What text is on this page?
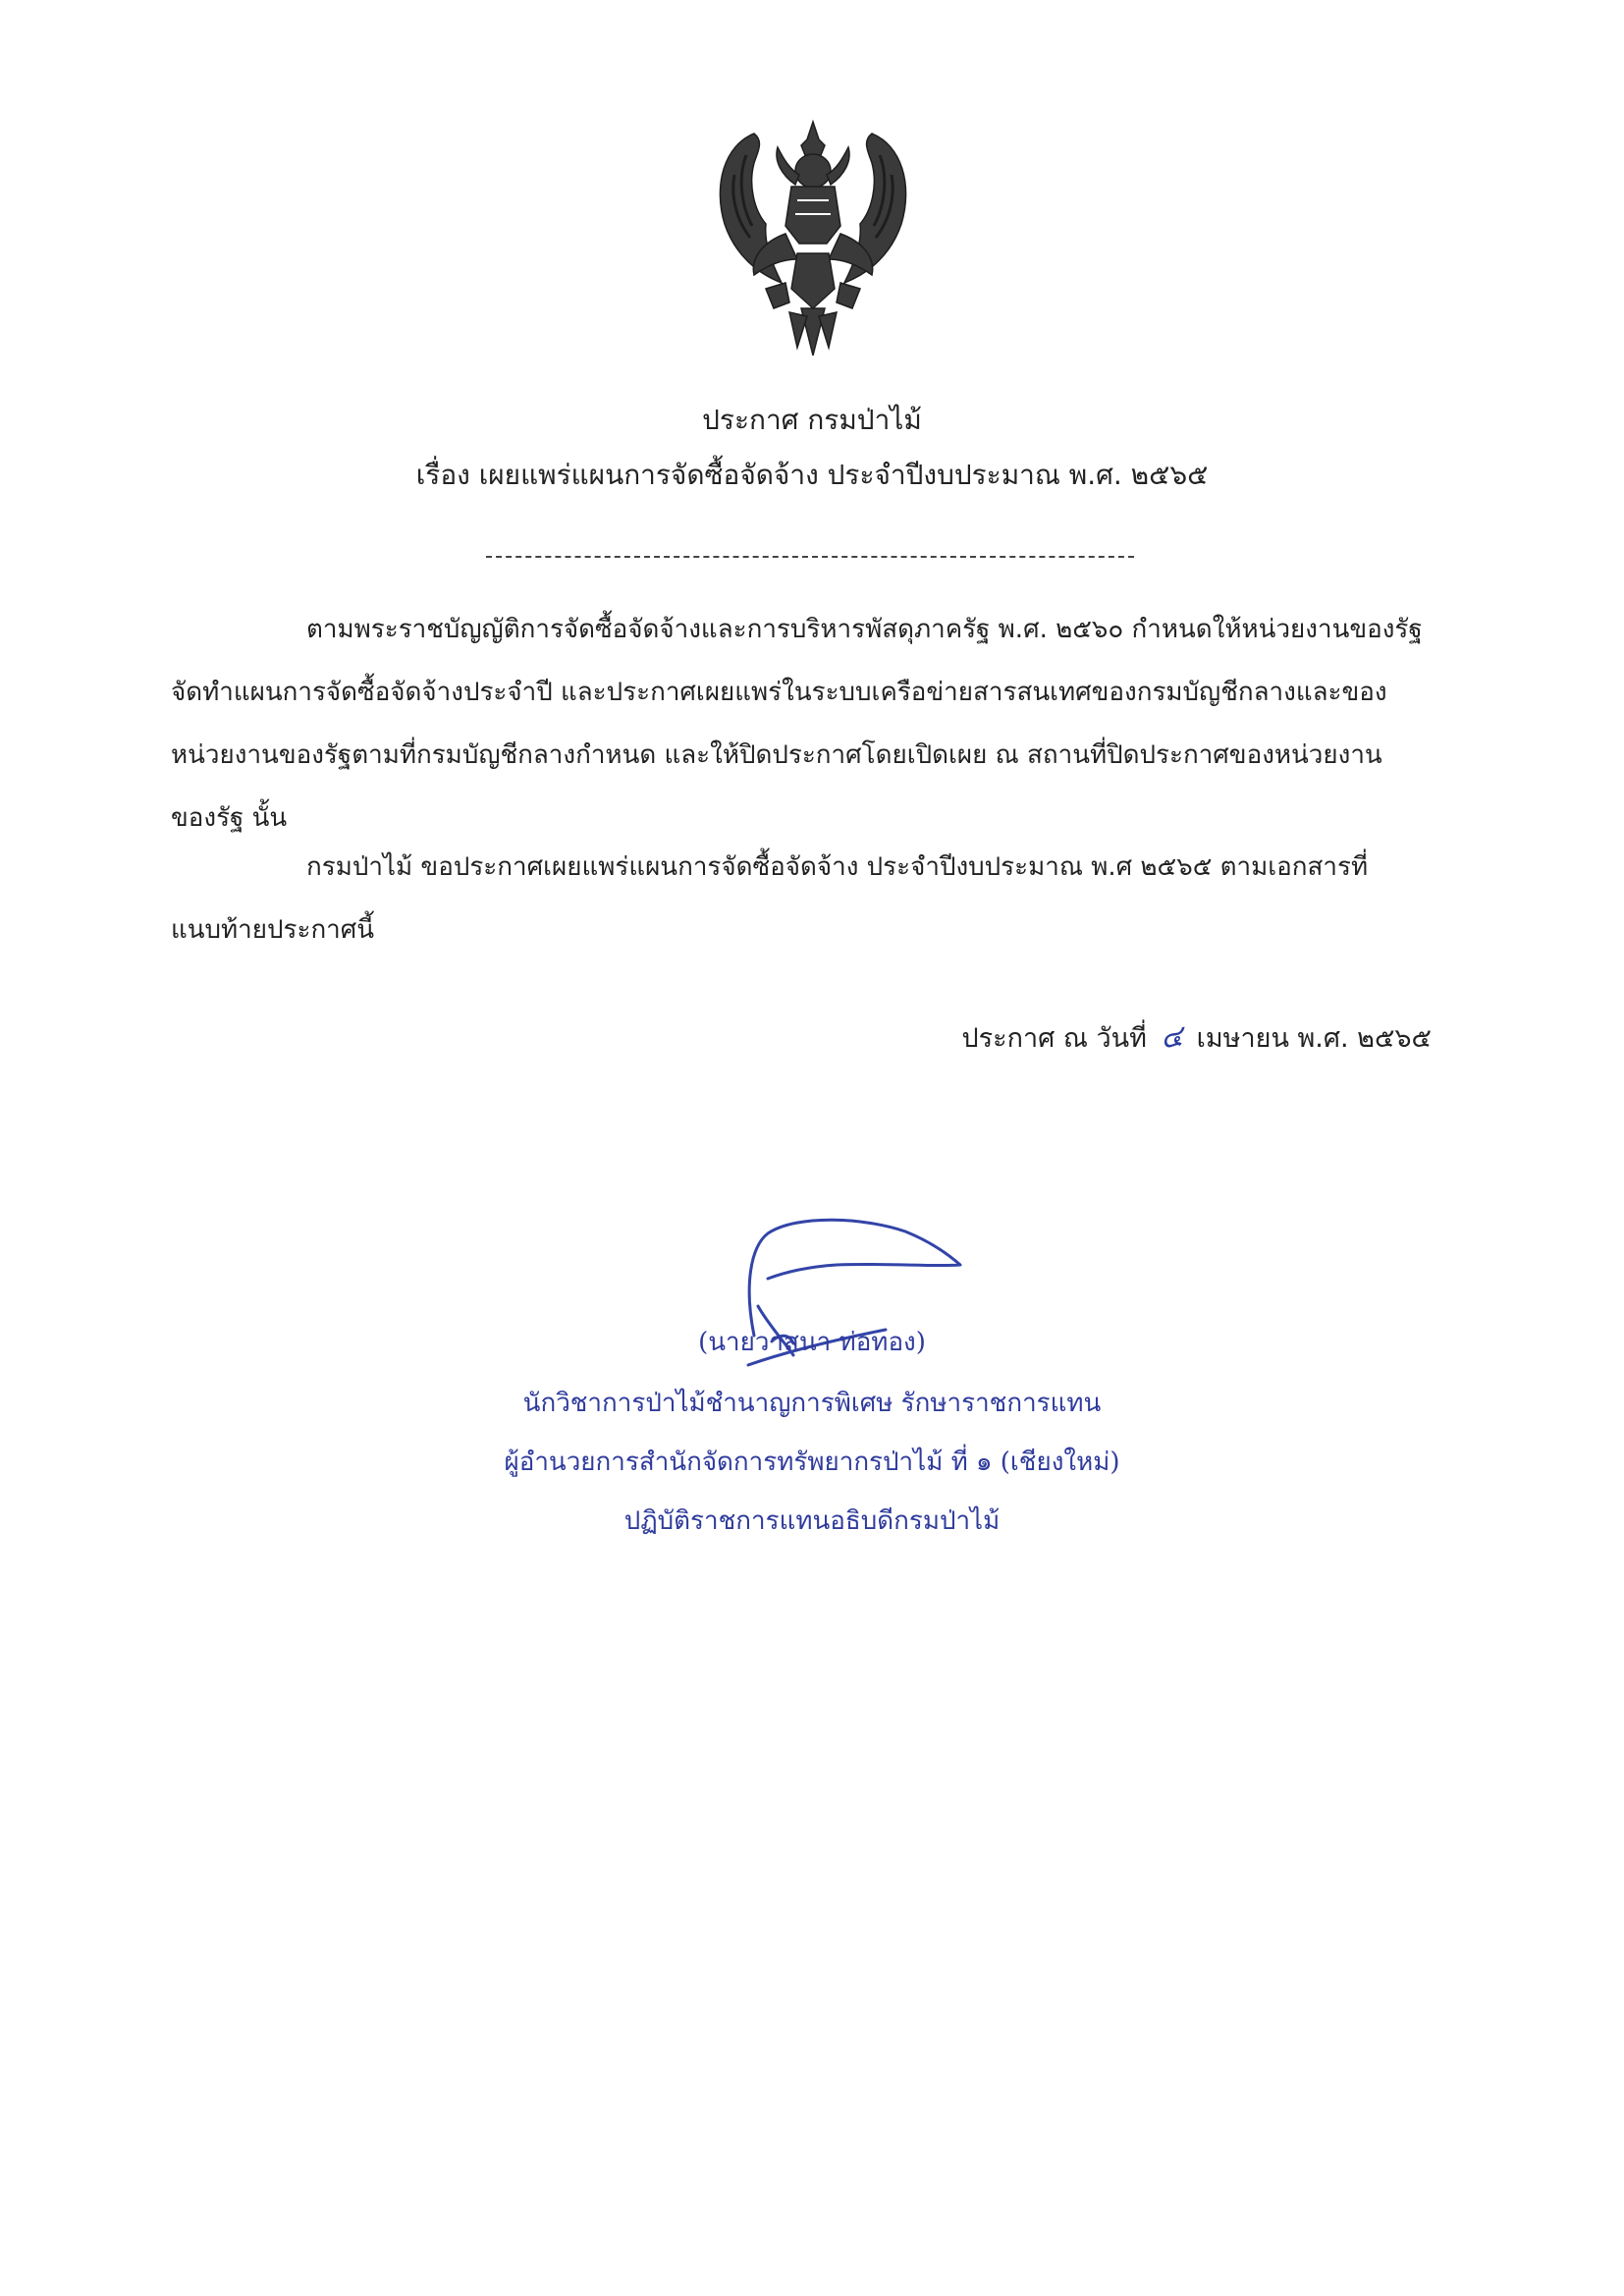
ประกาศ กรมป่าไม้
เรื่อง เผยแพร่แผนการจัดซื้อจัดจ้าง ประจำปีงบประมาณ พ.ศ. ๒๕๖๕
ตามพระราชบัญญัติการจัดซื้อจัดจ้างและการบริหารพัสดุภาครัฐ พ.ศ. ๒๕๖๐ กำหนดให้หน่วยงานของรัฐ
จัดทำแผนการจัดซื้อจัดจ้างประจำปี และประกาศเผยแพร่ในระบบเครือข่ายสารสนเทศของกรมบัญชีกลางและของ
หน่วยงานของรัฐตามที่กรมบัญชีกลางกำหนด และให้ปิดประกาศโดยเปิดเผย ณ สถานที่ปิดประกาศของหน่วยงาน
ของรัฐ นั้น
กรมป่าไม้ ขอประกาศเผยแพร่แผนการจัดซื้อจัดจ้าง ประจำปีงบประมาณ พ.ศ ๒๕๖๕ ตามเอกสารที่
แนบท้ายประกาศนี้
ประกาศ ณ วันที่ ๔ เมษายน พ.ศ. ๒๕๖๕
(นายวาสนา ท่อทอง)
นักวิชาการป่าไม้ชำนาญการพิเศษ รักษาราชการแทน
ผู้อำนวยการสำนักจัดการทรัพยากรป่าไม้ ที่ ๑ (เชียงใหม่)
ปฏิบัติราชการแทนอธิบดีกรมป่าไม้
